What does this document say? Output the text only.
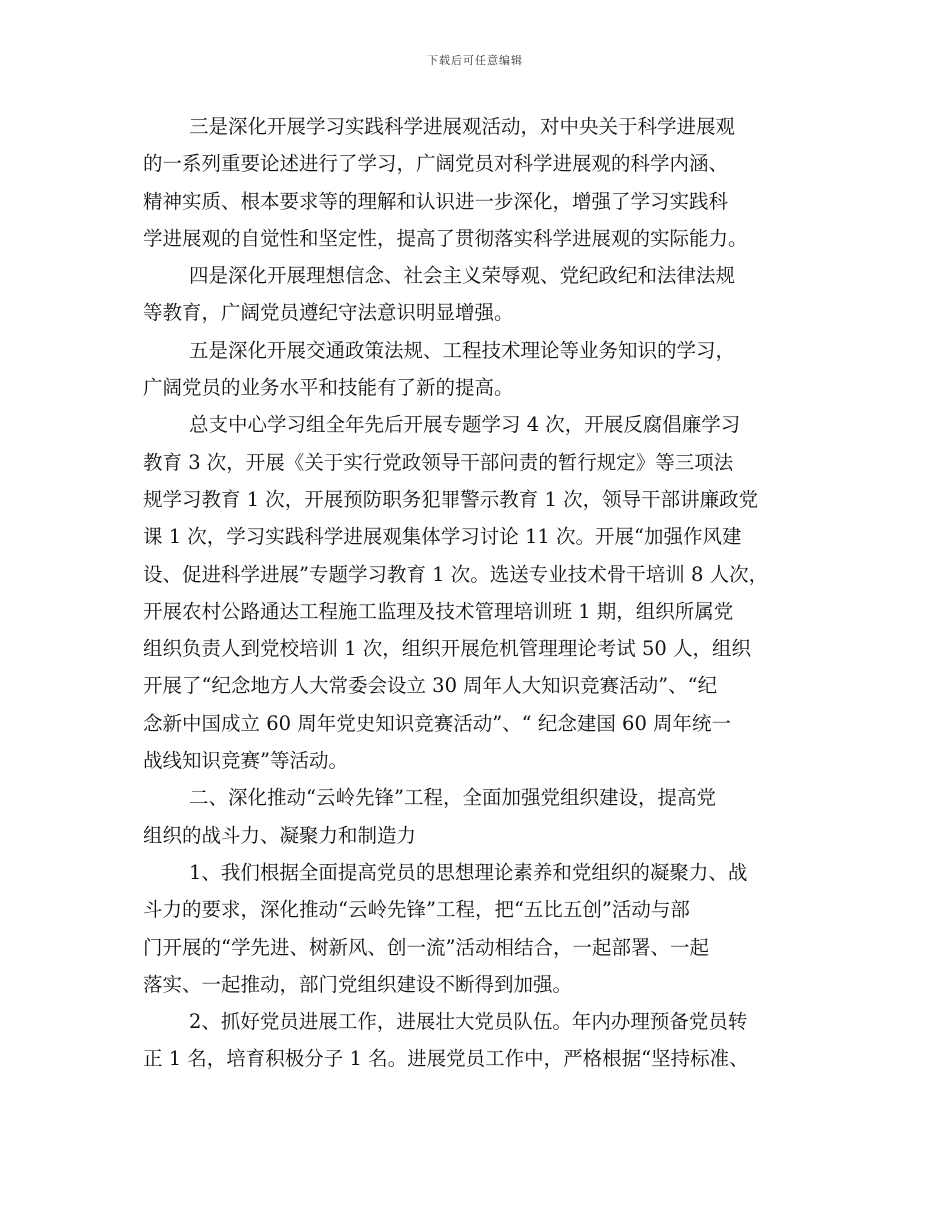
下载后可任意编辑
三是深化开展学习实践科学进展观活动，对中央关于科学进展观
的一系列重要论述进行了学习，广阔党员对科学进展观的科学内涵、
精神实质、根本要求等的理解和认识进一步深化，增强了学习实践科
学进展观的自觉性和坚定性，提高了贯彻落实科学进展观的实际能力。
四是深化开展理想信念、社会主义荣辱观、党纪政纪和法律法规
等教育，广阔党员遵纪守法意识明显增强。
五是深化开展交通政策法规、工程技术理论等业务知识的学习，
广阔党员的业务水平和技能有了新的提高。
总支中心学习组全年先后开展专题学习 4 次，开展反腐倡廉学习
教育 3 次，开展《关于实行党政领导干部问责的暂行规定》等三项法
规学习教育 1 次，开展预防职务犯罪警示教育 1 次，领导干部讲廉政党
课 1 次，学习实践科学进展观集体学习讨论 11 次。开展“加强作风建
设、促进科学进展”专题学习教育 1 次。选送专业技术骨干培训 8 人次，
开展农村公路通达工程施工监理及技术管理培训班 1 期，组织所属党
组织负责人到党校培训 1 次，组织开展危机管理理论考试 50 人，组织
开展了“纪念地方人大常委会设立 30 周年人大知识竞赛活动”、“纪
念新中国成立 60 周年党史知识竞赛活动”、“ 纪念建国 60 周年统一
战线知识竞赛”等活动。
二、深化推动“云岭先锋”工程，全面加强党组织建设，提高党
组织的战斗力、凝聚力和制造力
1、我们根据全面提高党员的思想理论素养和党组织的凝聚力、战
斗力的要求，深化推动“云岭先锋”工程，把“五比五创”活动与部
门开展的“学先进、树新风、创一流”活动相结合，一起部署、一起
落实、一起推动，部门党组织建设不断得到加强。
2、抓好党员进展工作，进展壮大党员队伍。年内办理预备党员转
正 1 名，培育积极分子 1 名。进展党员工作中，严格根据“坚持标准、
